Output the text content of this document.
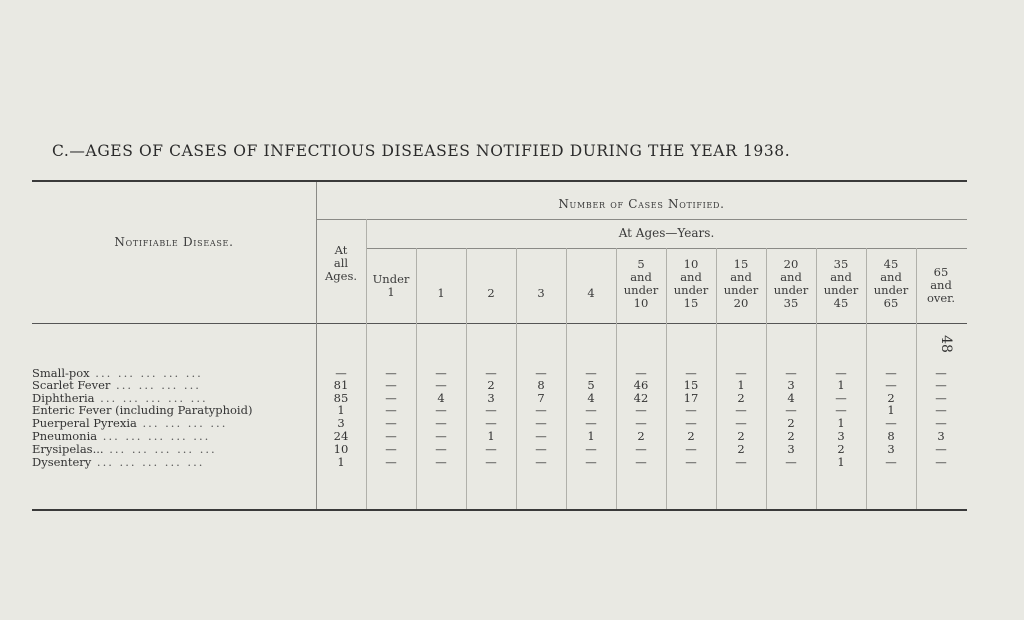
C.—AGES OF CASES OF INFECTIOUS DISEASES NOTIFIED DURING THE YEAR 1938.
48
Notifiable Disease.
Number of Cases Notified.
At Ages—Years.
At
all
Ages.	Under
1	1	2	3	4
5
and
under
10
10
and
under
15
15
and
under
20
20
and
under
35
35
and
under
45
45
and
under
65
65
and
over.
Small-pox ... ... ... ... ...	—	—	—	—	—	—	—	—	—	—	—	—	—
Scarlet Fever ... ... ... ...	81	—	—	2	8	5	46	15	1	3	1	—	—
Diphtheria ... ... ... ... ...	85	—	4	3	7	4	42	17	2	4	—	2	—
Enteric Fever (including Paratyphoid)	1	—	—	—	—	—	—	—	—	—	—	1	—
Puerperal Pyrexia ... ... ... ...	3	—	—	—	—	—	—	—	—	2	1	—	—
Pneumonia ... ... ... ... ...	24	—	—	1	—	1	2	2	2	2	3	8	3
Erysipelas... ... ... ... ... ...	10	—	—	—	—	—	—	—	2	3	2	3	—
Dysentery ... ... ... ... ...	1	—	—	—	—	—	—	—	—	—	1	—	—
